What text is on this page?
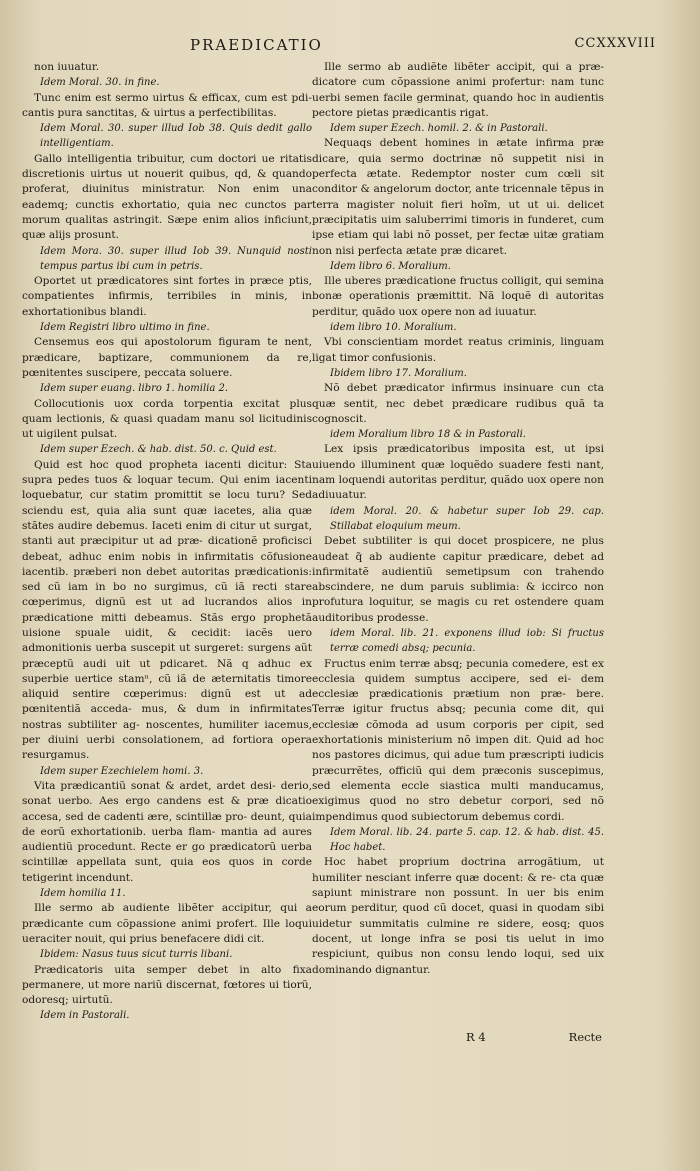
PRAEDICATIO	CCXXXVIII

non iuuatur.

Idem Moral. 30. in fine.

Tunc enim est sermo uirtus & efficax, cum est pdi- cantis pura sanctitas, & uirtus a perfectibilitas.

Idem Moral. 30. super illud Iob 38. Quis dedit gallo intelligentiam.

Gallo intelligentia tribuitur, cum doctori ue ritatis discretionis uirtus ut nouerit quibus, qd, & quando proferat, diuinitus ministratur. Non enim una eademq; cunctis exhortatio, quia nec cunctos par morum qualitas astringit. Sæpe enim alios inficiunt, quæ alijs prosunt.

Idem Mora. 30. super illud Iob 39. Nunquid nosti tempus partus ibi cum in petris.

Oportet ut prædicatores sint fortes in præce ptis, compatientes infirmis, terribiles in minis, in exhortationibus blandi.

Idem Registri libro ultimo in fine.

Censemus eos qui apostolorum figuram te nent, prædicare, baptizare, communionem da re, pœnitentes suscipere, peccata soluere.

Idem super euang. libro 1. homilia 2.

Collocutionis uox corda torpentia excitat plus quam lectionis, & quasi quadam manu sol licitudinis ut uigilent pulsat.

Idem super Ezech. & hab. dist. 50. c. Quid est.

Quid est hoc quod propheta iacenti dicitur: Sta supra pedes tuos & loquar tecum. Qui enim iacenti loquebatur, cur statim promittit se locu turu? Sed sciendu est, quia alia sunt quæ iacetes, alia quæ stãtes audire debemus. Iaceti enim di citur ut surgat, stanti aut præcipitur ut ad præ- dicationẽ proficisci debeat, adhuc enim nobis in infirmitatis cõfusione iacentib. præberi non debet autoritas prædicationis: sed cũ iam in bo no surgimus, cũ iã recti stare cœperimus, dignũ est ut ad lucrandos alios in prædicatione mitti debeamus. Stãs ergo prophetã uisione spuale uidit, & cecidit: iacẽs uero admonitionis uerba suscepit ut surgeret: surgens aũt præceptũ audi uit ut pdicaret. Nã q adhuc ex superbie uertice stamⁿ, cũ iã de æternitatis timore aliquid sentire cœperimus: dignũ est ut ad pœnitentiã acceda- mus, & dum in infirmitates nostras subtiliter ag- noscentes, humiliter iacemus, per diuini uerbi consolationem, ad fortiora opera resurgamus.

Idem super Ezechielem homi. 3.

Vita prædicantiũ sonat & ardet, ardet desi- derio, sonat uerbo. Aes ergo candens est & præ dicatio accesa, sed de cadenti ære, scintillæ pro- deunt, quia de eorũ exhortationib. uerba flam- mantia ad aures audientiũ procedunt. Recte er go prædicatorũ uerba scintillæ appellata sunt, quia eos quos in corde tetigerint incendunt.

Idem homilia 11.

Ille sermo ab audiente libẽter accipitur, qui a prædicante cum cõpassione animi profert. Ille loqui ueraciter nouit, qui prius benefacere didi cit.

Ibidem: Nasus tuus sicut turris libani.

Prædicatoris uita semper debet in alto fixa permanere, ut more nariũ discernat, fœtores ui tiorũ, odoresq; uirtutũ.

Idem in Pastorali.

Ille sermo ab audiẽte libẽter accipit, qui a præ- dicatore cum cõpassione animi profertur: nam tunc uerbi semen facile germinat, quando hoc in audientis pectore pietas prædicantis rigat.

Idem super Ezech. homil. 2. & in Pastorali.

Nequaqs debent homines in ætate infirma præ dicare, quia sermo doctrinæ nõ suppetit nisi in perfecta ætate. Redemptor noster cum cœli sit conditor & angelorum doctor, ante tricennale tẽpus in terra magister noluit fieri hoĩm, ut ut ui. delicet præcipitatis uim saluberrimi timoris in funderet, cum ipse etiam qui labi nõ posset, per fectæ uitæ gratiam non nisi perfecta ætate præ dicaret.

Idem libro 6. Moralium.

Ille uberes prædicatione fructus colligit, qui semina bonæ operationis præmittit. Nã loquẽ di autoritas perditur, quãdo uox opere non ad iuuatur.

idem libro 10. Moralium.

Vbi conscientiam mordet reatus criminis, linguam ligat timor confusionis.

Ibidem libro 17. Moralium.

Nõ debet prædicator infirmus insinuare cun cta quæ sentit, nec debet prædicare rudibus quã ta cognoscit.

idem Moralium libro 18 & in Pastorali.

Lex ipsis prædicatoribus imposita est, ut ipsi uiuendo illuminent quæ loquẽdo suadere festi nant, nam loquendi autoritas perditur, quãdo uox opere non adiuuatur.

idem Moral. 20. & habetur super Iob 29. cap. Stillabat eloquium meum.

Debet subtiliter is qui docet prospicere, ne plus audeat q̃ ab audiente capitur prædicare, debet ad infirmitatẽ audientiũ semetipsum con trahendo abscindere, ne dum paruis sublimia: & iccirco non profutura loquitur, se magis cu ret ostendere quam auditoribus prodesse.

idem Moral. lib. 21. exponens illud iob: Si fructus terræ comedi absq; pecunia.

Fructus enim terræ absq; pecunia comedere, est ex ecclesia quidem sumptus accipere, sed ei- dem ecclesiæ prædicationis prætium non præ- bere. Terræ igitur fructus absq; pecunia come dit, qui ecclesiæ cõmoda ad usum corporis per cipit, sed exhortationis ministerium nõ impen dit. Quid ad hoc nos pastores dicimus, qui adue tum præscripti iudicis præcurrẽtes, officiũ qui dem præconis suscepimus, sed elementa eccle siastica multi manducamus, exigimus quod no stro debetur corpori, sed nõ impendimus quod subiectorum debemus cordi.

Idem Moral. lib. 24. parte 5. cap. 12. & hab. dist. 45. Hoc habet.

Hoc habet proprium doctrina arrogãtium, ut humiliter nesciant inferre quæ docent: & re- cta quæ sapiunt ministrare non possunt. In uer bis enim eorum perditur, quod cũ docet, quasi in quodam sibi uidetur summitatis culmine re sidere, eosq; quos docent, ut longe infra se posi tis uelut in imo respiciunt, quibus non consu lendo loqui, sed uix dominando dignantur.

R 4	Recte
